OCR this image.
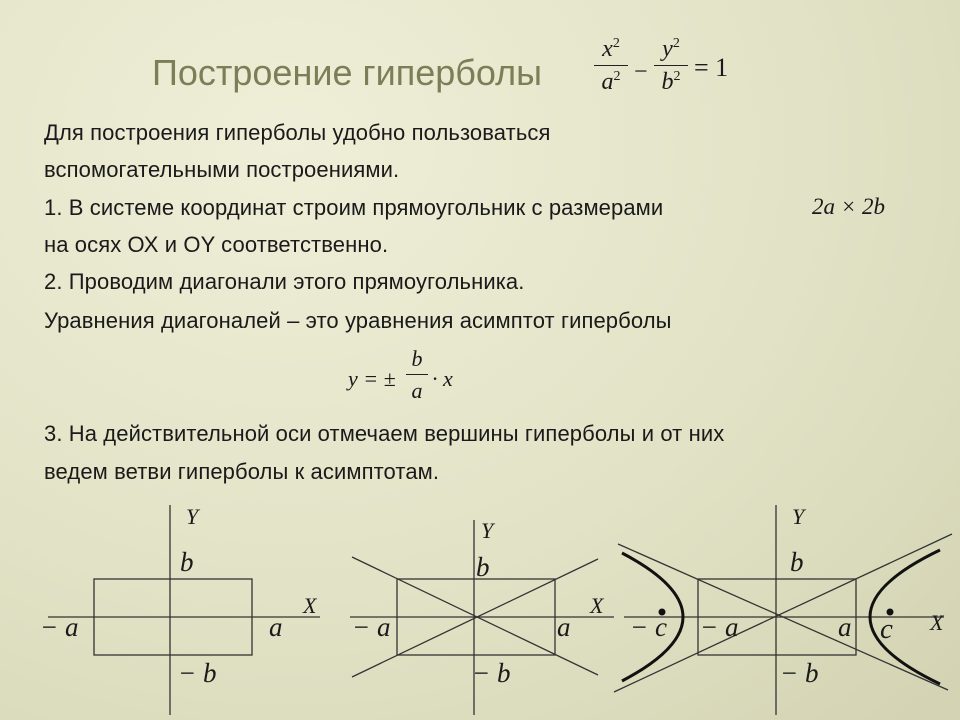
Построение гиперболы
$x^2$
$a^2$ −
$y^2$
$b^2 = 1$
Для построения гиперболы удобно пользоваться
вспомогательными построениями.
1. В системе координат строим прямоугольник с размерами	2a × 2b
на осях ОХ и ОY соответственно.
2. Проводим диагонали этого прямоугольника.
Уравнения диагоналей – это уравнения асимптот гиперболы
y = ±
b
a · x
3. На действительной оси отмечаем вершины гиперболы и от них
ведем ветви гиперболы к асимптотам.
Y
X
b
− b
− a	a
Y
X
b
− b
− a	a
Y
X
b
− b
− c − a	a c
